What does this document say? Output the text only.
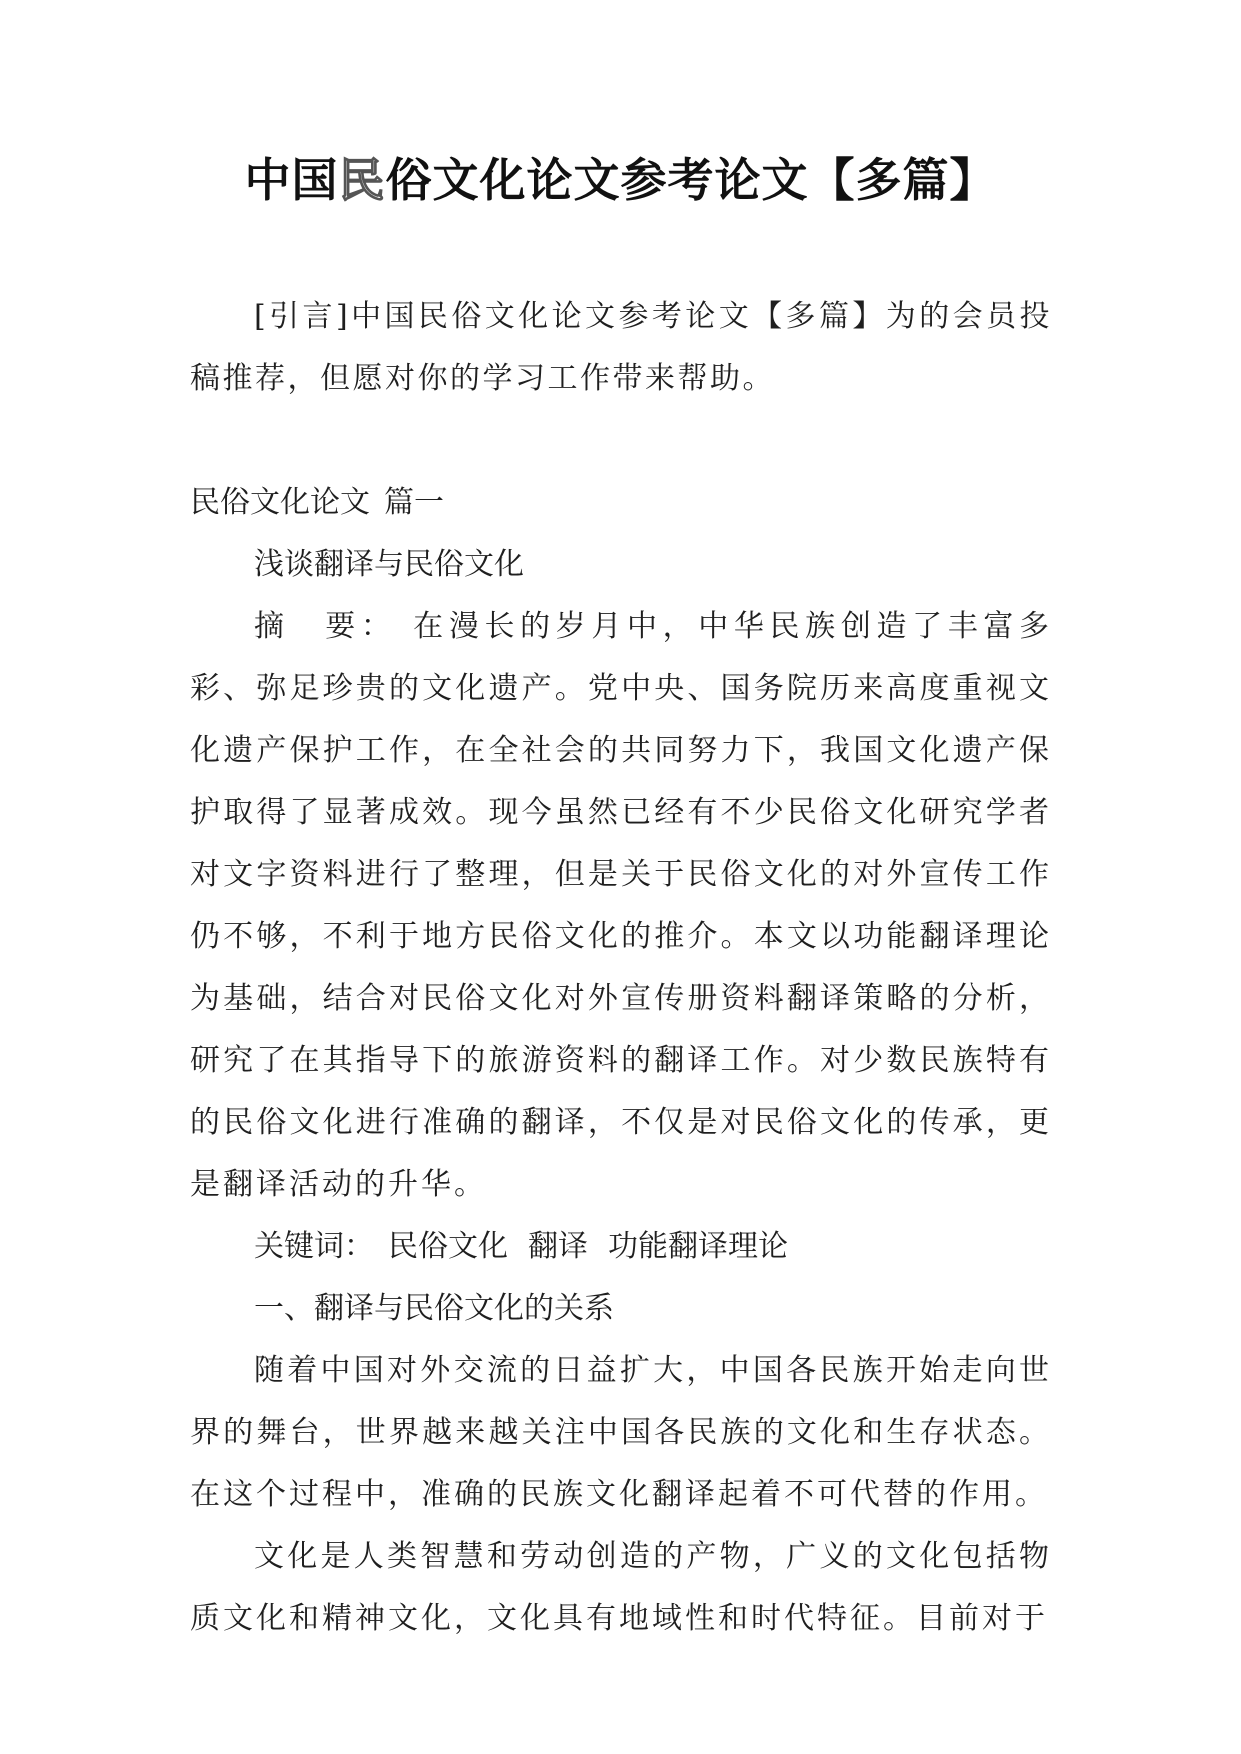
中国民俗文化论文参考论文【多篇】

[引言]中国民俗文化论文参考论文【多篇】为的会员投稿推荐，但愿对你的学习工作带来帮助。

民俗文化论文 篇一

浅谈翻译与民俗文化

摘　要： 在漫长的岁月中，中华民族创造了丰富多彩、弥足珍贵的文化遗产。党中央、国务院历来高度重视文化遗产保护工作，在全社会的共同努力下，我国文化遗产保护取得了显著成效。现今虽然已经有不少民俗文化研究学者对文字资料进行了整理，但是关于民俗文化的对外宣传工作仍不够，不利于地方民俗文化的推介。本文以功能翻译理论为基础，结合对民俗文化对外宣传册资料翻译策略的分析，研究了在其指导下的旅游资料的翻译工作。对少数民族特有的民俗文化进行准确的翻译，不仅是对民俗文化的传承，更是翻译活动的升华。

关键词： 民俗文化 翻译 功能翻译理论

一、翻译与民俗文化的关系

随着中国对外交流的日益扩大，中国各民族开始走向世界的舞台，世界越来越关注中国各民族的文化和生存状态。在这个过程中，准确的民族文化翻译起着不可代替的作用。

文化是人类智慧和劳动创造的产物，广义的文化包括物质文化和精神文化，文化具有地域性和时代特征。目前对于
